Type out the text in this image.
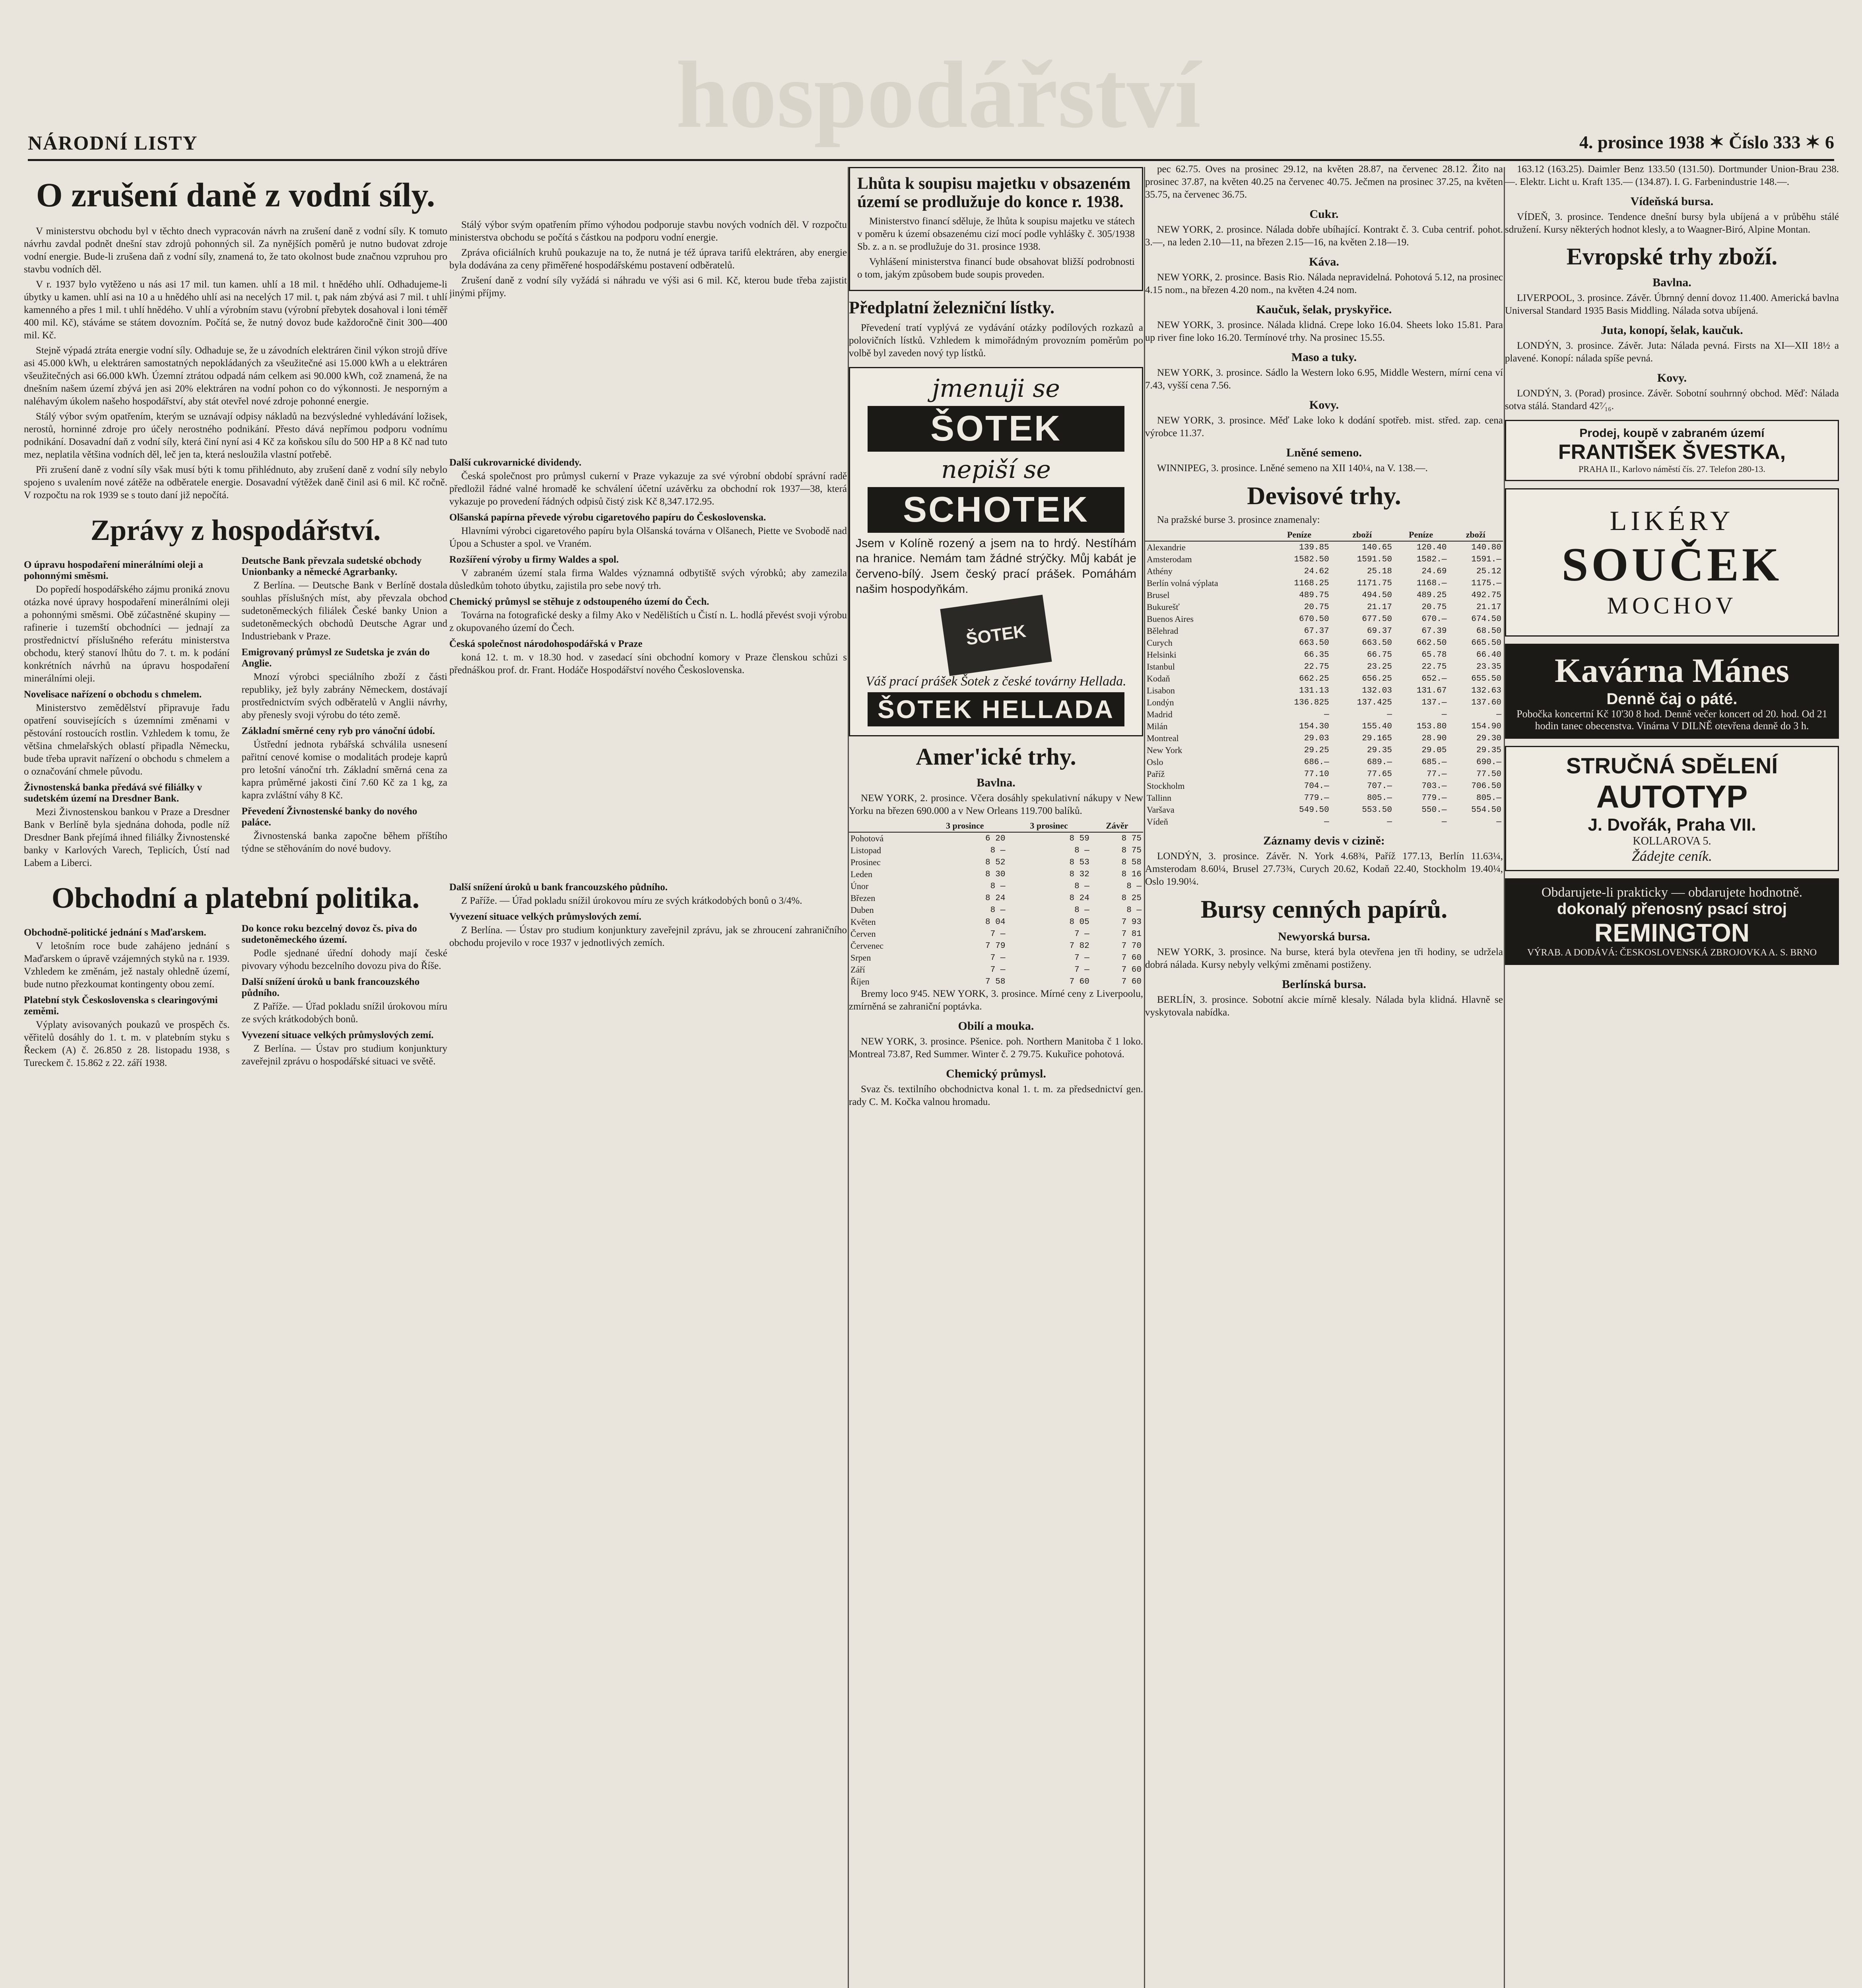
hospodářství
NÁRODNÍ LISTY	4. prosince 1938 ✶ Číslo 333 ✶ 6
O zrušení daně z vodní síly.

V ministerstvu obchodu byl v těchto dnech vypracován návrh na zrušení daně z vodní síly. K tomuto návrhu zavdal podnět dnešní stav zdrojů pohonných sil. Za nynějších poměrů je nutno budovat zdroje vodní energie. Bude-li zrušena daň z vodní síly, znamená to, že tato okolnost bude značnou vzpruhou pro stavbu vodních děl.

V r. 1937 bylo vytěženo u nás asi 17 mil. tun kamen. uhlí a 18 mil. t hnědého uhlí. Odhadujeme-li úbytky u kamen. uhlí asi na 10 a u hnědého uhlí asi na necelých 17 mil. t, pak nám zbývá asi 7 mil. t uhlí kamenného a přes 1 mil. t uhlí hnědého. V uhlí a výrobním stavu (výrobní přebytek dosahoval i loni téměř 400 mil. Kč), stáváme se státem dovozním. Počítá se, že nutný dovoz bude každoročně činit 300—400 mil. Kč.

Stejně výpadá ztráta energie vodní síly. Odhaduje se, že u závodních elektráren činil výkon strojů dříve asi 45.000 kWh, u elektráren samostatných nepokládaných za všeužitečné asi 15.000 kWh a u elektráren všeužitečných asi 66.000 kWh. Územní ztrátou odpadá nám celkem asi 90.000 kWh, což znamená, že na dnešním našem území zbývá jen asi 20% elektráren na vodní pohon co do výkonnosti. Je nesporným a naléhavým úkolem našeho hospodářství, aby stát otevřel nové zdroje pohonné energie.

Stálý výbor svým opatřením, kterým se uznávají odpisy nákladů na bezvýsledné vyhledávání ložisek, nerostů, horninné zdroje pro účely nerostného podnikání. Přesto dává nepřímou podporu vodnímu podnikání. Dosavadní daň z vodní síly, která činí nyní asi 4 Kč za koňskou sílu do 500 HP a 8 Kč nad tuto mez, neplatila většina vodních děl, leč jen ta, která nesloužila vlastní potřebě.

Při zrušení daně z vodní síly však musí býti k tomu přihlédnuto, aby zrušení daně z vodní síly nebylo spojeno s uvalením nové zátěže na odběratele energie. Dosavadní výtěžek daně činil asi 6 mil. Kč ročně. V rozpočtu na rok 1939 se s touto daní již nepočítá.

Zprávy z hospodářství.
O úpravu hospodaření minerálními oleji a pohonnými směsmi.

Do popředí hospodářského zájmu proniká znovu otázka nové úpravy hospodaření minerálními oleji a pohonnými směsmi. Obě zúčastněné skupiny — rafinerie i tuzemští obchodníci — jednají za prostřednictví příslušného referátu ministerstva obchodu, který stanoví lhůtu do 7. t. m. k podání konkrétních návrhů na úpravu hospodaření minerálními oleji.

Novelisace nařízení o obchodu s chmelem.

Ministerstvo zemědělství připravuje řadu opatření souvisejících s územními změnami v pěstování rostoucích rostlin. Vzhledem k tomu, že většina chmelařských oblastí připadla Německu, bude třeba upravit nařízení o obchodu s chmelem a o označování chmele původu.

Živnostenská banka předává své filiálky v sudetském území na Dresdner Bank.

Mezi Živnostenskou bankou v Praze a Dresdner Bank v Berlíně byla sjednána dohoda, podle níž Dresdner Bank přejímá ihned filiálky Živnostenské banky v Karlových Varech, Teplicích, Ústí nad Labem a Liberci.

Deutsche Bank převzala sudetské obchody Unionbanky a německé Agrarbanky.

Z Berlína. — Deutsche Bank v Berlíně dostala souhlas příslušných míst, aby převzala obchod sudetoněmeckých filiálek České banky Union a sudetoněmeckých obchodů Deutsche Agrar und Industriebank v Praze.

Emigrovaný průmysl ze Sudetska je zván do Anglie.

Mnozí výrobci speciálního zboží z části republiky, jež byly zabrány Německem, dostávají prostřednictvím svých odběratelů v Anglii návrhy, aby přenesly svoji výrobu do této země.

Základní směrné ceny ryb pro vánoční údobí.

Ústřední jednota rybářská schválila usnesení pařitní cenové komise o modalitách prodeje kaprů pro letošní vánoční trh. Základní směrná cena za kapra průměrné jakosti činí 7.60 Kč za 1 kg, za kapra zvláštní váhy 8 Kč.

Převedení Živnostenské banky do nového paláce.

Živnostenská banka započne během příštího týdne se stěhováním do nové budovy.

Obchodní a platební politika.
Obchodně-politické jednání s Maďarskem.

V letošním roce bude zahájeno jednání s Maďarskem o úpravě vzájemných styků na r. 1939. Vzhledem ke změnám, jež nastaly ohledně území, bude nutno přezkoumat kontingenty obou zemí.

Platební styk Československa s clearingovými zeměmi.

Výplaty avisovaných poukazů ve prospěch čs. věřitelů dosáhly do 1. t. m. v platebním styku s Řeckem (A) č. 26.850 z 28. listopadu 1938, s Tureckem č. 15.862 z 22. září 1938.

Do konce roku bezcelný dovoz čs. piva do sudetoněmeckého území.

Podle sjednané úřední dohody mají české pivovary výhodu bezcelního dovozu piva do Říše.

Další snížení úroků u bank francouzského půdního.

Z Paříže. — Úřad pokladu snížil úrokovou míru ze svých krátkodobých bonů.

Vyvezení situace velkých průmyslových zemí.

Z Berlína. — Ústav pro studium konjunktury zaveřejnil zprávu o hospodářské situaci ve světě.

Stálý výbor svým opatřením přímo výhodou podporuje stavbu nových vodních děl. V rozpočtu ministerstva obchodu se počítá s částkou na podporu vodní energie.

Zpráva oficiálních kruhů poukazuje na to, že nutná je též úprava tarifů elektráren, aby energie byla dodávána za ceny přiměřené hospodářskému postavení odběratelů.

Zrušení daně z vodní síly vyžádá si náhradu ve výši asi 6 mil. Kč, kterou bude třeba zajistit jinými příjmy.

Další cukrovarnické dividendy.

Česká společnost pro průmysl cukerní v Praze vykazuje za své výrobní období správní radě předložil řádné valné hromadě ke schválení účetní uzávěrku za obchodní rok 1937—38, která vykazuje po provedení řádných odpisů čistý zisk Kč 8,347.172.95.

Olšanská papírna převede výrobu cigaretového papíru do Československa.

Hlavními výrobci cigaretového papíru byla Olšanská továrna v Olšanech, Piette ve Svobodě nad Úpou a Schuster a spol. ve Vraném.

Rozšíření výroby u firmy Waldes a spol.

V zabraném území stala firma Waldes významná odbytiště svých výrobků; aby zamezila důsledkům tohoto úbytku, zajistila pro sebe nový trh.

Chemický průmysl se stěhuje z odstoupeného území do Čech.

Továrna na fotografické desky a filmy Ako v Nedělištích u Čistí n. L. hodlá převést svoji výrobu z okupovaného území do Čech.

Česká společnost národohospodářská v Praze

koná 12. t. m. v 18.30 hod. v zasedací síni obchodní komory v Praze členskou schůzi s přednáškou prof. dr. Frant. Hodáče Hospodářství nového Československa.

Další snížení úroků u bank francouzského půdního.

Z Paříže. — Úřad pokladu snížil úrokovou míru ze svých krátkodobých bonů o 3/4%.

Vyvezení situace velkých průmyslových zemí.

Z Berlína. — Ústav pro studium konjunktury zaveřejnil zprávu, jak se zhroucení zahraničního obchodu projevilo v roce 1937 v jednotlivých zemích.

Lhůta k soupisu majetku v obsazeném území se prodlužuje do konce r. 1938.

Ministerstvo financí sděluje, že lhůta k soupisu majetku ve státech v poměru k území obsazenému cizí mocí podle vyhlášky č. 305/1938 Sb. z. a n. se prodlužuje do 31. prosince 1938.

Vyhlášení ministerstva financí bude obsahovat bližší podrobnosti o tom, jakým způsobem bude soupis proveden.

Předplatní železniční lístky.

Převedení tratí vyplývá ze vydávání otázky podílových rozkazů a polovičních lístků. Vzhledem k mimořádným provozním poměrům po volbě byl zaveden nový typ lístků.

jmenuji se
ŠOTEK
nepiší se
SCHOTEK

Jsem v Kolíně rozený a jsem na to hrdý. Nestíhám na hranice. Nemám tam žádné strýčky. Můj kabát je červeno-bílý. Jsem český prací prášek. Pomáhám našim hospodyňkám.

ŠOTEK
Váš prací prášek Šotek z české továrny Hellada.
ŠOTEK HELLADA
Amer'ické trhy.
Bavlna.

NEW YORK, 2. prosince. Včera dosáhly spekulativní nákupy v New Yorku na březen 690.000 a v New Orleans 119.700 balíků.

	3 prosince	3 prosinec	Závěr
Pohotová	6 20	8 59	8 75
Listopad	8 —	8 —	8 75
Prosinec	8 52	8 53	8 58
Leden	8 30	8 32	8 16
Únor	8 —	8 —	8 —
Březen	8 24	8 24	8 25
Duben	8 —	8 —	8 —
Květen	8 04	8 05	7 93
Červen	7 —	7 —	7 81
Červenec	7 79	7 82	7 70
Srpen	7 —	7 —	7 60
Září	7 —	7 —	7 60
Říjen	7 58	7 60	7 60

Bremy loco 9'45. NEW YORK, 3. prosince. Mírné ceny z Liverpoolu, zmírněná se zahraniční poptávka.

Obilí a mouka.

NEW YORK, 3. prosince. Pšenice. poh. Northern Manitoba č 1 loko. Montreal 73.87, Red Summer. Winter č. 2 79.75. Kukuřice pohotová.

Chemický průmysl.

Svaz čs. textilního obchodnictva konal 1. t. m. za předsednictví gen. rady C. M. Kočka valnou hromadu.

pec 62.75. Oves na prosinec 29.12, na květen 28.87, na červenec 28.12. Žito na prosinec 37.87, na květen 40.25 na červenec 40.75. Ječmen na prosinec 37.25, na květen 35.75, na červenec 36.75.

Cukr.

NEW YORK, 2. prosince. Nálada dobře ubíhající. Kontrakt č. 3. Cuba centrif. pohot. 3.—, na leden 2.10—11, na březen 2.15—16, na květen 2.18—19.

Káva.

NEW YORK, 2. prosince. Basis Rio. Nálada nepravidelná. Pohotová 5.12, na prosinec 4.15 nom., na březen 4.20 nom., na květen 4.24 nom.

Kaučuk, šelak, pryskyřice.

NEW YORK, 3. prosince. Nálada klidná. Crepe loko 16.04. Sheets loko 15.81. Para up river fine loko 16.20. Termínové trhy. Na prosinec 15.55.

Maso a tuky.

NEW YORK, 3. prosince. Sádlo la Western loko 6.95, Middle Western, mírní cena ví 7.43, vyšší cena 7.56.

Kovy.

NEW YORK, 3. prosince. Měď Lake loko k dodání spotřeb. mist. střed. zap. cena výrobce 11.37.

Lněné semeno.

WINNIPEG, 3. prosince. Lněné semeno na XII 140¼, na V. 138.—.

Devisové trhy.

Na pražské burse 3. prosince znamenaly:

	Peníze	zboží	Peníze	zboží
Alexandrie	139.85	140.65	120.40	140.80
Amsterodam	1582.50	1591.50	1582.—	1591.—
Athény	24.62	25.18	24.69	25.12
Berlín volná výplata	1168.25	1171.75	1168.—	1175.—
Brusel	489.75	494.50	489.25	492.75
Bukurešť	20.75	21.17	20.75	21.17
Buenos Aires	670.50	677.50	670.—	674.50
Bělehrad	67.37	69.37	67.39	68.50
Curych	663.50	663.50	662.50	665.50
Helsinki	66.35	66.75	65.78	66.40
Istanbul	22.75	23.25	22.75	23.35
Kodaň	662.25	656.25	652.—	655.50
Lisabon	131.13	132.03	131.67	132.63
Londýn	136.825	137.425	137.—	137.60
Madrid	—	—	—	—
Milán	154.30	155.40	153.80	154.90
Montreal	29.03	29.165	28.90	29.30
New York	29.25	29.35	29.05	29.35
Oslo	686.—	689.—	685.—	690.—
Paříž	77.10	77.65	77.—	77.50
Stockholm	704.—	707.—	703.—	706.50
Tallinn	779.—	805.—	779.—	805.—
Varšava	549.50	553.50	550.—	554.50
Vídeň	—	—	—	—
Záznamy devis v cizině:

LONDÝN, 3. prosince. Závěr. N. York 4.68¾, Paříž 177.13, Berlín 11.63¼, Amsterodam 8.60¼, Brusel 27.73¾, Curych 20.62, Kodaň 22.40, Stockholm 19.40¼, Oslo 19.90¼.

Bursy cenných papírů.
Newyorská bursa.

NEW YORK, 3. prosince. Na burse, která byla otevřena jen tři hodiny, se udržela dobrá nálada. Kursy nebyly velkými změnami postiženy.

Berlínská bursa.

BERLÍN, 3. prosince. Sobotní akcie mírně klesaly. Nálada byla klidná. Hlavně se vyskytovala nabídka.

163.12 (163.25). Daimler Benz 133.50 (131.50). Dortmunder Union-Brau 238.—. Elektr. Licht u. Kraft 135.— (134.87). I. G. Farbenindustrie 148.—.

Vídeňská bursa.

VÍDEŇ, 3. prosince. Tendence dnešní bursy byla ubíjená a v průběhu stálé sdružení. Kursy některých hodnot klesly, a to Waagner-Biró, Alpine Montan.

Evropské trhy zboží.
Bavlna.

LIVERPOOL, 3. prosince. Závěr. Úbrnný denní dovoz 11.400. Americká bavlna Universal Standard 1935 Basis Middling. Nálada sotva ubíjená.

Juta, konopí, šelak, kaučuk.

LONDÝN, 3. prosince. Závěr. Juta: Nálada pevná. Firsts na XI—XII 18½ a plavené. Konopí: nálada spíše pevná.

Kovy.

LONDÝN, 3. (Porad) prosince. Závěr. Sobotní souhrnný obchod. Měď: Nálada sotva stálá. Standard 42⁷⁄₁₆.

Prodej, koupě v zabraném území
FRANTIŠEK ŠVESTKA,
PRAHA II., Karlovo náměstí čís. 27. Telefon 280-13.
LIKÉRY
SOUČEK
MOCHOV
Kavárna Mánes
Denně čaj o páté.
Pobočka koncertní Kč 10'30 8 hod. Denně večer koncert od 20. hod. Od 21 hodin tanec obecenstva. Vinárna V DILNĚ otevřena denně do 3 h.
STRUČNÁ SDĚLENÍ
AUTOTYP
J. Dvořák, Praha VII.
KOLLAROVA 5.
Žádejte ceník.
Obdarujete-li prakticky — obdarujete hodnotně.
dokonalý přenosný psací stroj
REMINGTON
VÝRAB. A DODÁVÁ: ČESKOSLOVENSKÁ ZBROJOVKA A. S. BRNO
